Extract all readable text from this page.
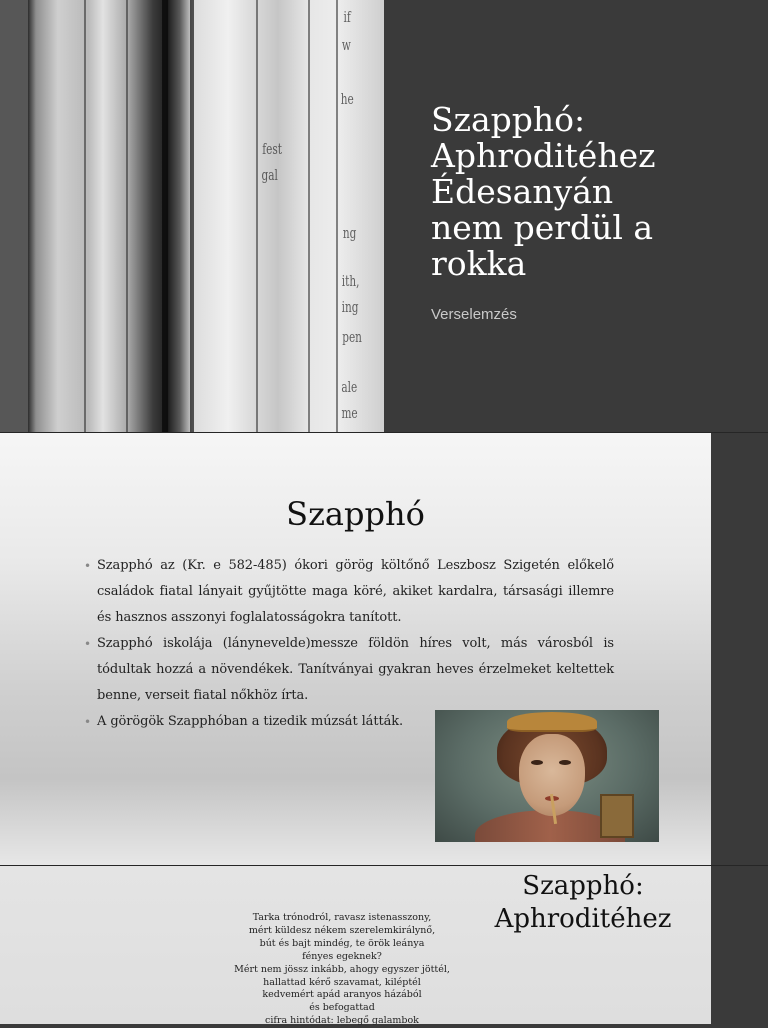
if
w
he
fest
gal
ng
ith,
ing
pen
ale
me
Szapphó:
Aphroditéhez
Édesanyán
nem perdül a
rokka
Verselemzés
Szapphó
• Szapphó az (Kr. e 582-485) ókori görög költőnő Leszbosz Szigetén előkelő családok fiatal lányait gyűjtötte maga köré, akiket kardalra, társasági illemre és hasznos asszonyi foglalatosságokra tanított.
• Szapphó iskolája (lánynevelde)messze földön híres volt, más városból is tódultak hozzá a növendékek. Tanítványai gyakran heves érzelmeket keltettek benne, verseit fiatal nőkhöz írta.
• A görögök Szapphóban a tizedik múzsát látták.
Szapphó:
Aphroditéhez
Tarka trónodról, ravasz istenasszony,
mért küldesz nékem szerelemkirálynő,
bút és bajt mindég, te örök leánya
fényes egeknek?
Mért nem jössz inkább, ahogy egyszer jöttél,
hallattad kérő szavamat, kiléptél
kedvemért apád aranyos házából
és befogattad
cifra hintódat: lebegő galambok
